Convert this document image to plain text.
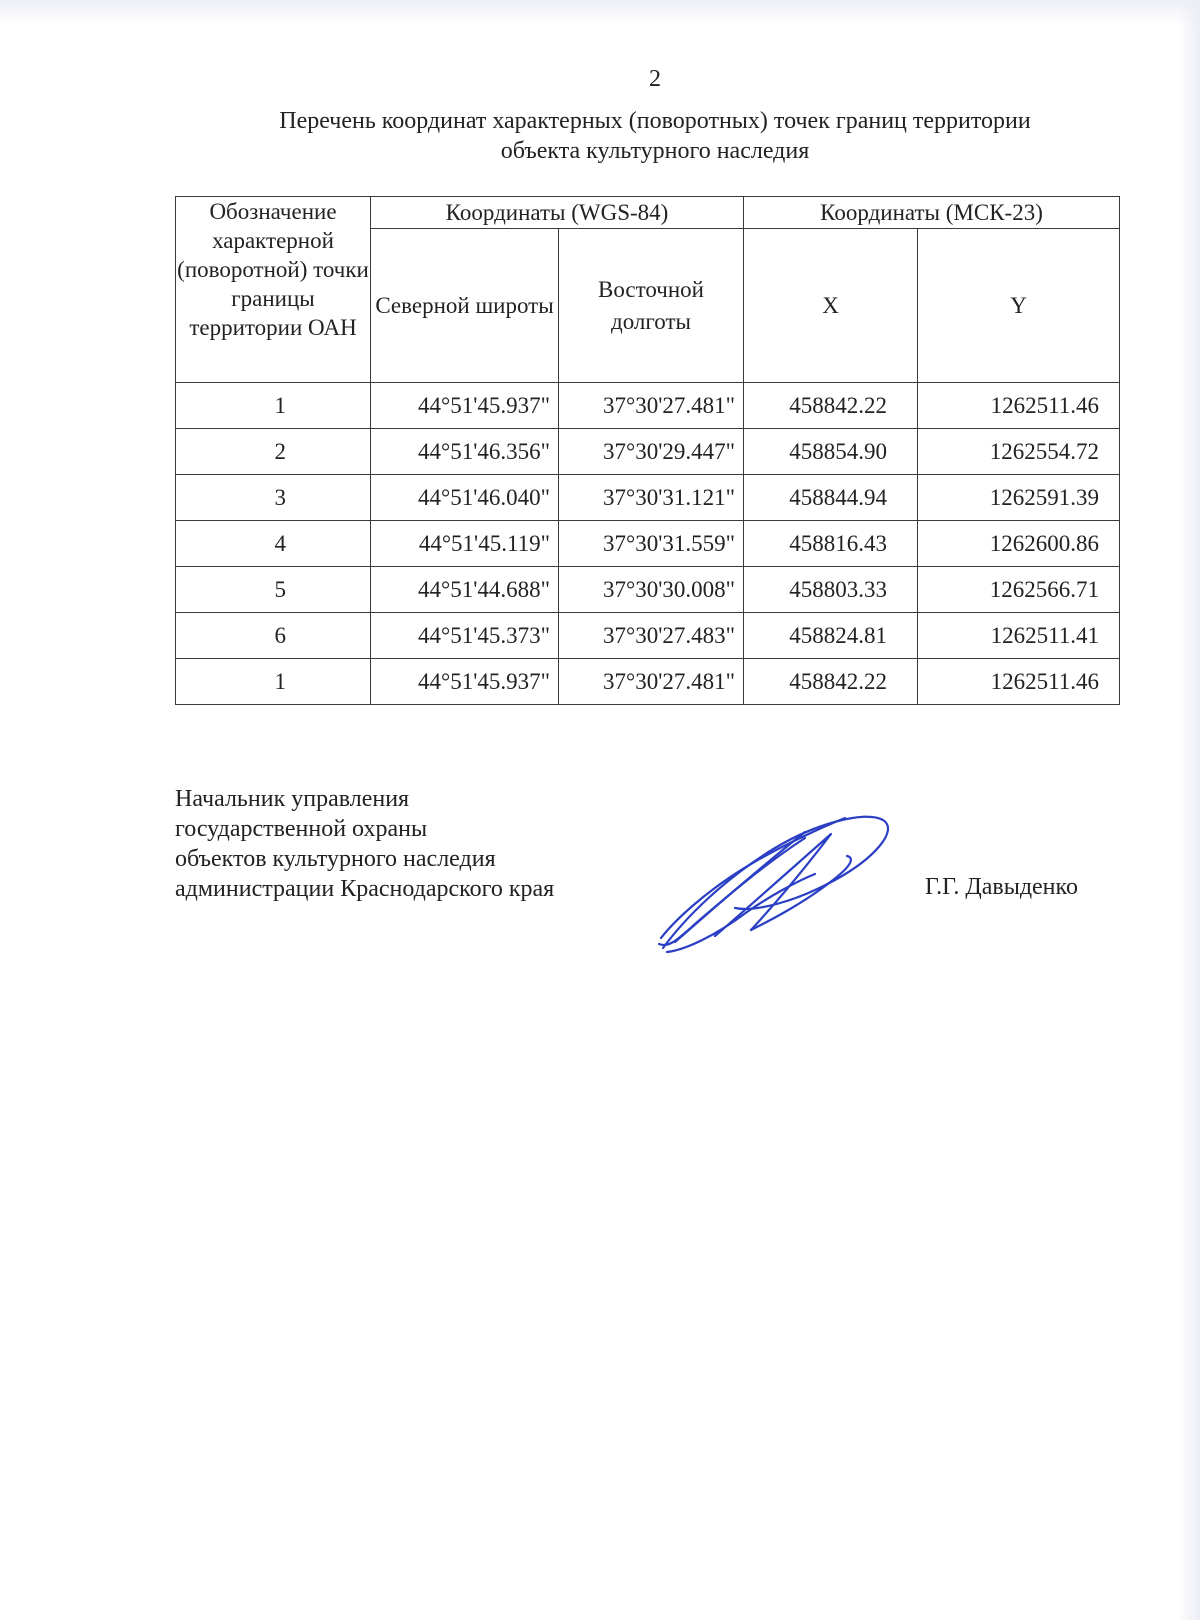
2
Перечень координат характерных (поворотных) точек границ территории
объекта культурного наследия
Обозначение характерной (поворотной) точки границы территории ОАН	Координаты (WGS-84)		Координаты (МСК-23)	
	Северной широты	Восточной долготы	X	Y
1	44°51'45.937"	37°30'27.481"	458842.22	1262511.46
2	44°51'46.356"	37°30'29.447"	458854.90	1262554.72
3	44°51'46.040"	37°30'31.121"	458844.94	1262591.39
4	44°51'45.119"	37°30'31.559"	458816.43	1262600.86
5	44°51'44.688"	37°30'30.008"	458803.33	1262566.71
6	44°51'45.373"	37°30'27.483"	458824.81	1262511.41
1	44°51'45.937"	37°30'27.481"	458842.22	1262511.46
Начальник управления
государственной охраны
объектов культурного наследия
администрации Краснодарского края	Г.Г. Давыденко
